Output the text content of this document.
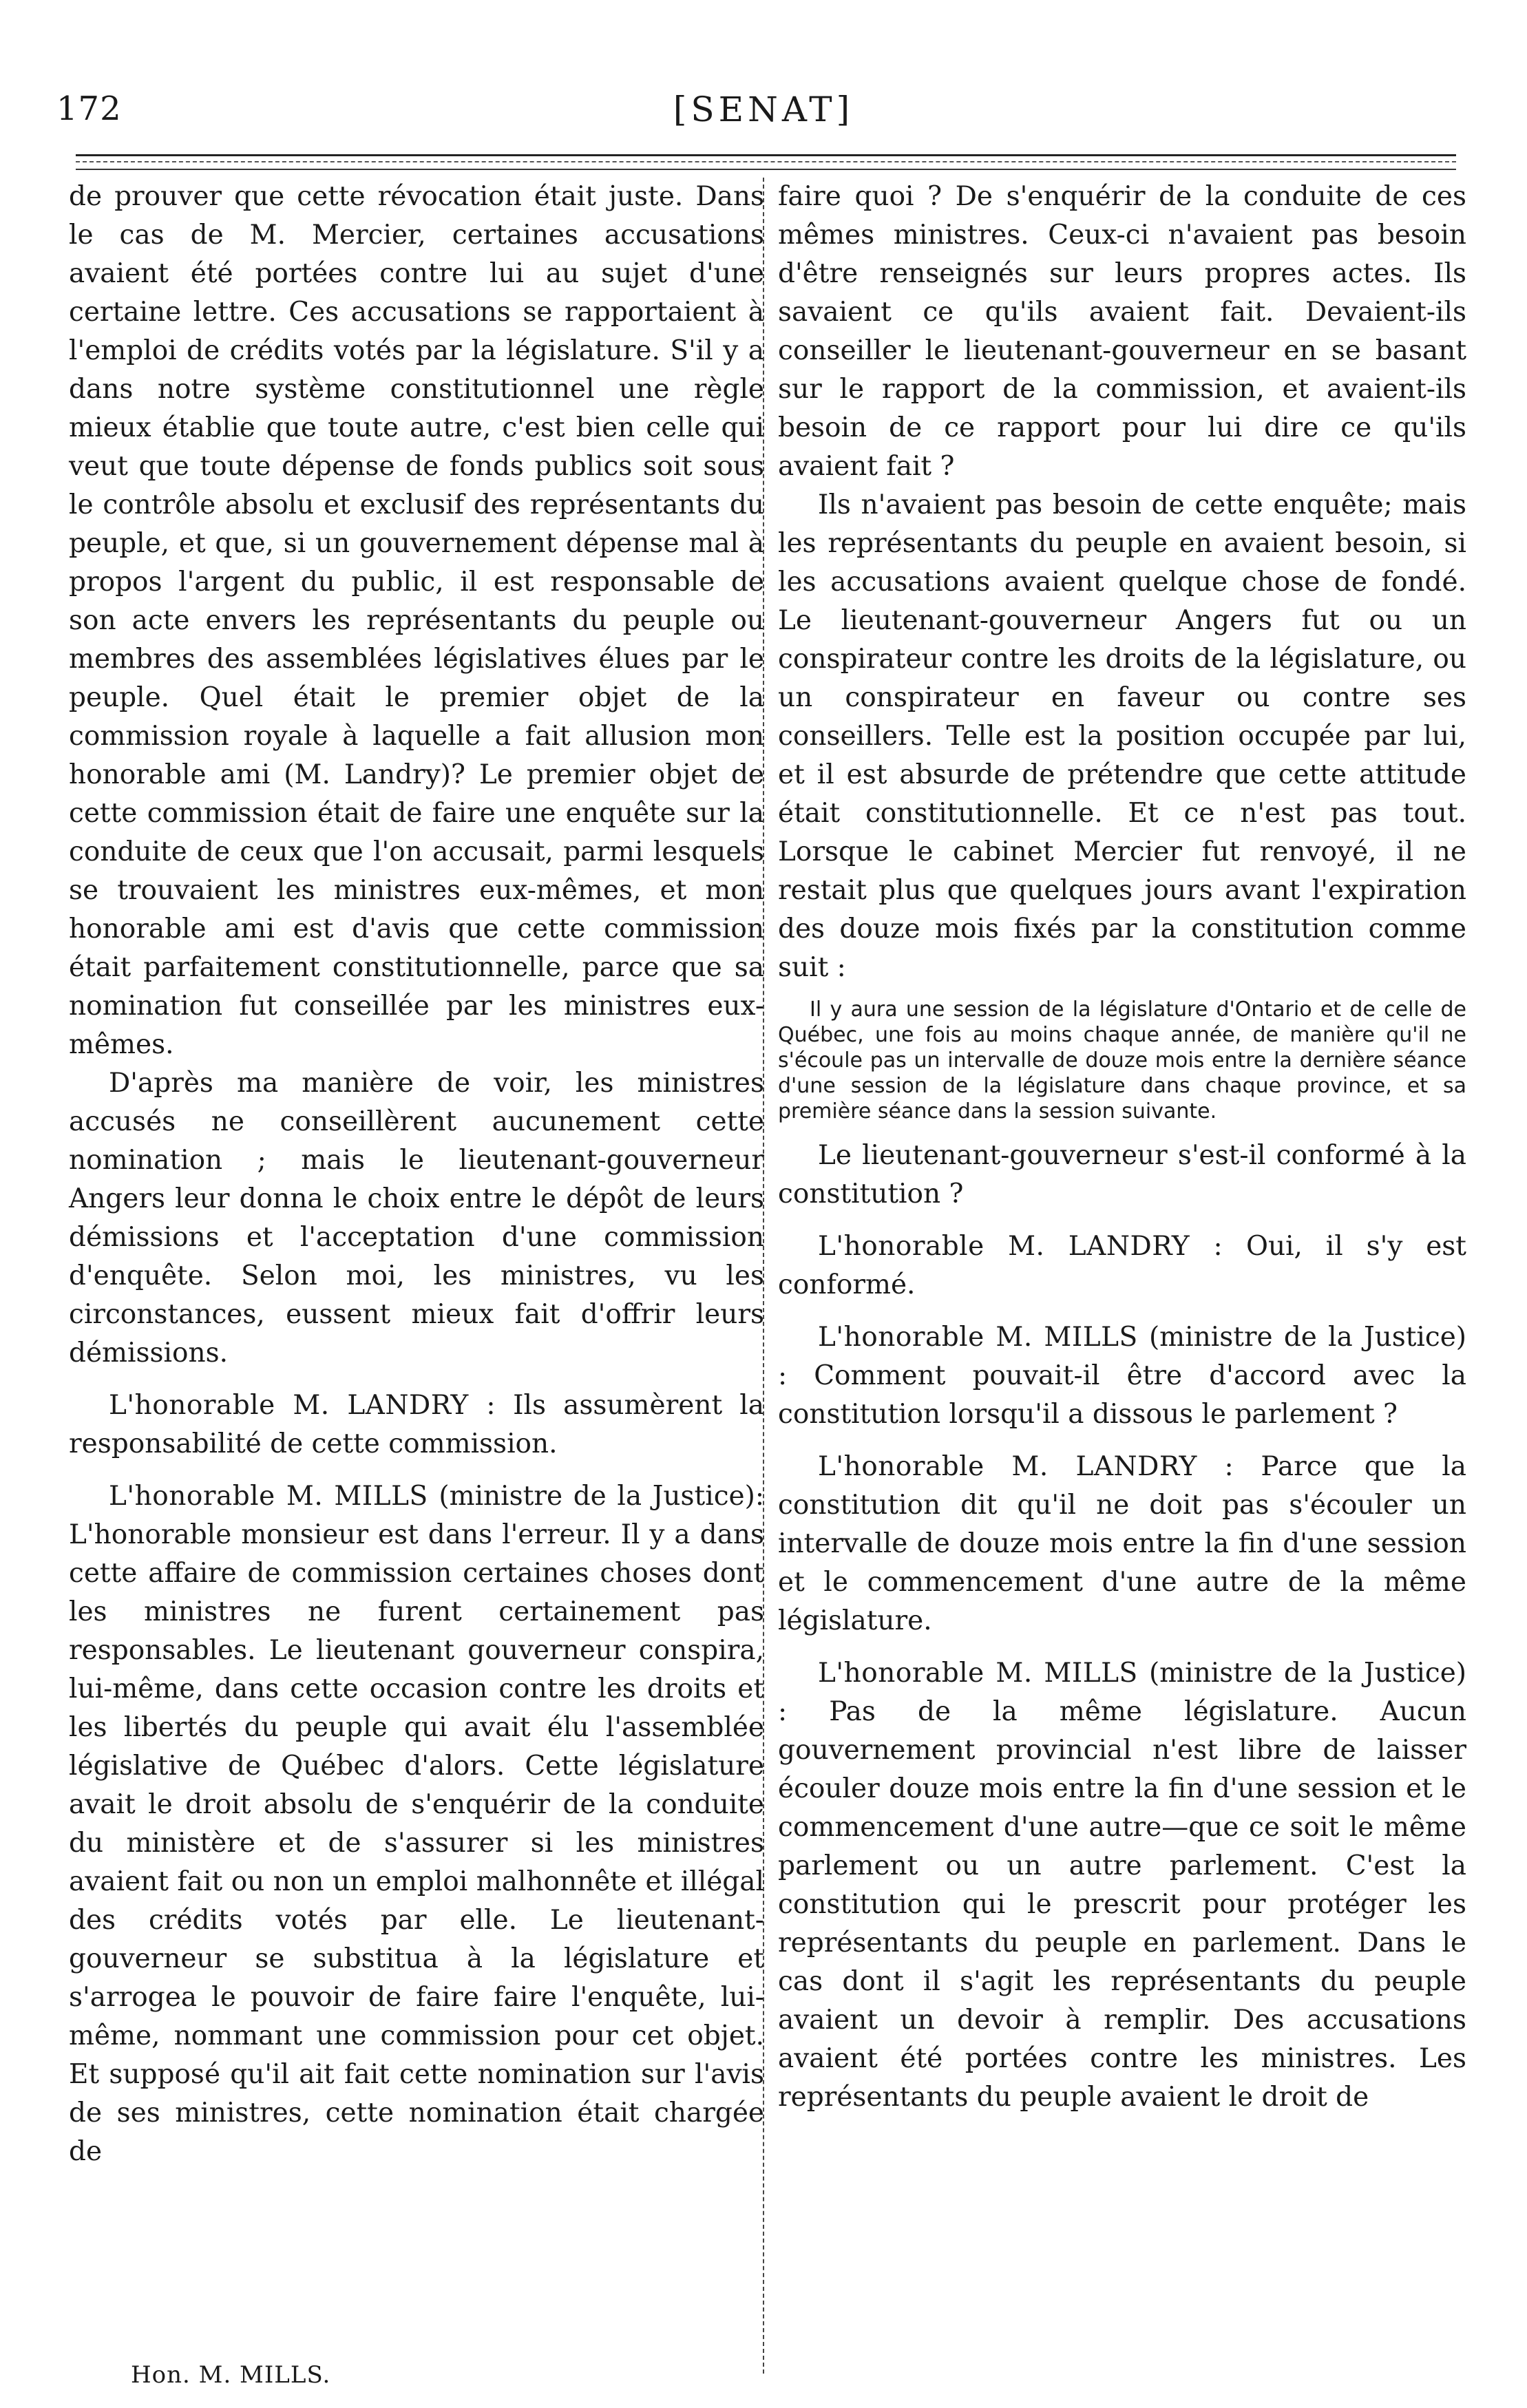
[SENAT]
172

de prouver que cette révocation était juste. Dans le cas de M. Mercier, certaines accusations avaient été portées contre lui au sujet d'une certaine lettre. Ces accusations se rapportaient à l'emploi de crédits votés par la législature. S'il y a dans notre système constitutionnel une règle mieux établie que toute autre, c'est bien celle qui veut que toute dépense de fonds publics soit sous le contrôle absolu et exclusif des représentants du peuple, et que, si un gouvernement dépense mal à propos l'argent du public, il est responsable de son acte envers les représentants du peuple ou membres des assemblées législatives élues par le peuple. Quel était le premier objet de la commission royale à laquelle a fait allusion mon honorable ami (M. Landry)? Le premier objet de cette commission était de faire une enquête sur la conduite de ceux que l'on accusait, parmi lesquels se trouvaient les ministres eux-mêmes, et mon honorable ami est d'avis que cette commission était parfaitement constitutionnelle, parce que sa nomination fut conseillée par les ministres eux-mêmes.

D'après ma manière de voir, les ministres accusés ne conseillèrent aucunement cette nomination ; mais le lieutenant-gouverneur Angers leur donna le choix entre le dépôt de leurs démissions et l'acceptation d'une commission d'enquête. Selon moi, les ministres, vu les circonstances, eussent mieux fait d'offrir leurs démissions.

L'honorable M. LANDRY : Ils assumèrent la responsabilité de cette commission.

L'honorable M. MILLS (ministre de la Justice): L'honorable monsieur est dans l'erreur. Il y a dans cette affaire de commission certaines choses dont les ministres ne furent certainement pas responsables. Le lieutenant gouverneur conspira, lui-même, dans cette occasion contre les droits et les libertés du peuple qui avait élu l'assemblée législative de Québec d'alors. Cette législature avait le droit absolu de s'enquérir de la conduite du ministère et de s'assurer si les ministres avaient fait ou non un emploi malhonnête et illégal des crédits votés par elle. Le lieutenant-gouverneur se substitua à la législature et s'arrogea le pouvoir de faire faire l'enquête, lui-même, nommant une commission pour cet objet. Et supposé qu'il ait fait cette nomination sur l'avis de ses ministres, cette nomination était chargée de

faire quoi ? De s'enquérir de la conduite de ces mêmes ministres. Ceux-ci n'avaient pas besoin d'être renseignés sur leurs propres actes. Ils savaient ce qu'ils avaient fait. Devaient-ils conseiller le lieutenant-gouverneur en se basant sur le rapport de la commission, et avaient-ils besoin de ce rapport pour lui dire ce qu'ils avaient fait ?

Ils n'avaient pas besoin de cette enquête; mais les représentants du peuple en avaient besoin, si les accusations avaient quelque chose de fondé. Le lieutenant-gouverneur Angers fut ou un conspirateur contre les droits de la législature, ou un conspirateur en faveur ou contre ses conseillers. Telle est la position occupée par lui, et il est absurde de prétendre que cette attitude était constitutionnelle. Et ce n'est pas tout. Lorsque le cabinet Mercier fut renvoyé, il ne restait plus que quelques jours avant l'expiration des douze mois fixés par la constitution comme suit :

Il y aura une session de la législature d'Ontario et de celle de Québec, une fois au moins chaque année, de manière qu'il ne s'écoule pas un intervalle de douze mois entre la dernière séance d'une session de la législature dans chaque province, et sa première séance dans la session suivante.

Le lieutenant-gouverneur s'est-il conformé à la constitution ?

L'honorable M. LANDRY : Oui, il s'y est conformé.

L'honorable M. MILLS (ministre de la Justice) : Comment pouvait-il être d'accord avec la constitution lorsqu'il a dissous le parlement ?

L'honorable M. LANDRY : Parce que la constitution dit qu'il ne doit pas s'écouler un intervalle de douze mois entre la fin d'une session et le commencement d'une autre de la même législature.

L'honorable M. MILLS (ministre de la Justice) : Pas de la même législature. Aucun gouvernement provincial n'est libre de laisser écouler douze mois entre la fin d'une session et le commencement d'une autre—que ce soit le même parlement ou un autre parlement. C'est la constitution qui le prescrit pour protéger les représentants du peuple en parlement. Dans le cas dont il s'agit les représentants du peuple avaient un devoir à remplir. Des accusations avaient été portées contre les ministres. Les représentants du peuple avaient le droit de

Hon. M. MILLS.
